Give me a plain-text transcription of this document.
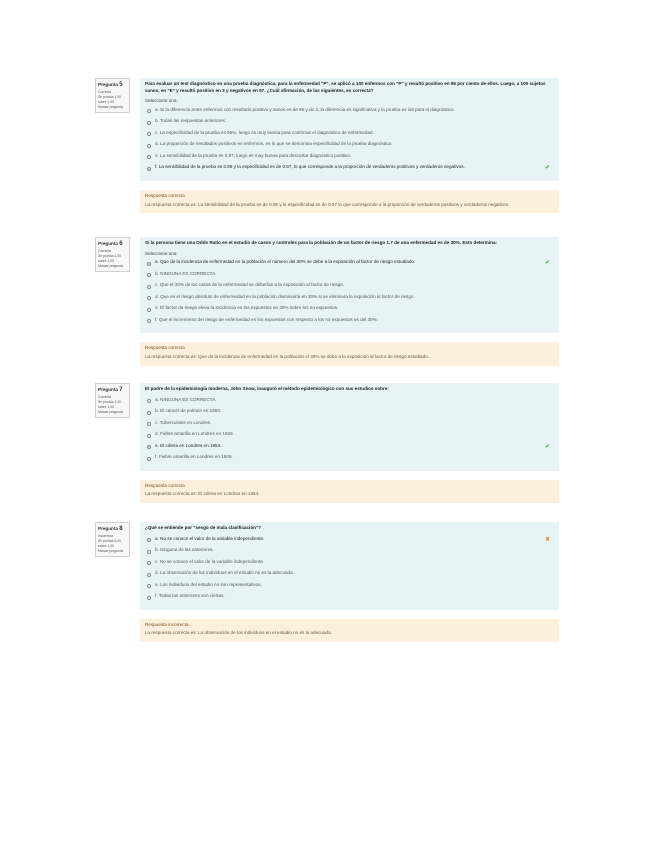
Pregunta 5
Correcta
Se puntúa 1,00 sobre 1,00
Marcar pregunta
Para evaluar un test diagnóstico en una prueba diagnóstica, para la enfermedad "P", se aplicó a 100 enfermos con "P" y resultó positivo en 95 por ciento de ellos. Luego, a 100 sujetos sanos, en "E" y resultó positivo en 3 y negativos en 97. ¿Cuál afirmación, de las siguientes, es correcta?
Seleccione una:
a. Si la diferencia entre enfermos con resultado positivo y sanos es de 95 y de 3, la diferencia es significativa y la prueba es útil para el diagnóstico.
b. Todas las respuestas anteriores.
c. La especificidad de la prueba es 95%, luego es muy buena para confirmar el diagnóstico de enfermedad.
d. La proporción de resultados positivos en enfermos, es lo que se denomina especificidad de la prueba diagnóstica.
e. La sensibilidad de la prueba es 0.97, luego es muy buena para descartar diagnóstico positivo.
f. La sensibilidad de la prueba es 0.95 y la especificidad es de 0.97, lo que corresponde a la proporción de verdaderos positivos y verdaderos negativos.	✔
Respuesta correcta
La respuesta correcta es: La sensibilidad de la prueba es de 0.95 y la especificidad es de 0.97 lo que corresponde a la proporción de verdaderos positivos y verdaderos negativos.
Pregunta 6
Correcta
Se puntúa 1,00 sobre 1,00
Marcar pregunta
Si la persona tiene una Odds Ratio en el estudio de casos y controles para la población de un factor de riesgo 1.7 de una enfermedad es de 30%. Esto determina:
Seleccione una:
a. Que de la incidencia de enfermedad en la población el número del 30% se debe a la exposición al factor de riesgo estudiado.	✔
b. NINGUNA ES CORRECTA.
c. Que el 30% de los casos de la enfermedad se deberían a la exposición al factor de riesgo.
d. Que en el riesgo absoluto de enfermedad en la población disminuiría en 30% si se eliminara la exposición al factor de riesgo.
e. El factor de riesgo eleva la incidencia en los expuestos en 30% sobre los no expuestos.
f. Que el incremento del riesgo de enfermedad en los expuestos con respecto a los no expuestos es del 30%.
Respuesta correcta
La respuesta correcta es: Que de la incidencia de enfermedad en la población el 30% se debe a la exposición al factor de riesgo estudiado.
Pregunta 7
Correcta
Se puntúa 1,00 sobre 1,00
Marcar pregunta
El padre de la epidemiología moderna, John Snow, inauguró el método epidemiológico con sus estudios sobre:
a. NINGUNA ES CORRECTA.
b. El cáncer de pulmón en 1950.
c. Tuberculosis en Londres.
d. Fiebre amarilla en Londres en 1848.
e. El cólera en Londres en 1854.	✔
f. Fiebre amarilla en Londres en 1849.
Respuesta correcta
La respuesta correcta es: El cólera en Londres en 1854.
Pregunta 8
Incorrecta
Se puntúa 0,00 sobre 1,00
Marcar pregunta
¿Qué se entiende por "sesgo de mala clasificación"?
a. No se conoce el valor de la variable independiente.	✘
b. Ninguna de las anteriores.
c. No se conoce el valor de la variable independiente.
d. La observación de los individuos en el estudio no es la adecuada.
e. Los individuos del estudio no son representativos.
f. Todas las anteriores son ciertas.
Respuesta incorrecta.
La respuesta correcta es: La observación de los individuos en el estudio no es la adecuada.
